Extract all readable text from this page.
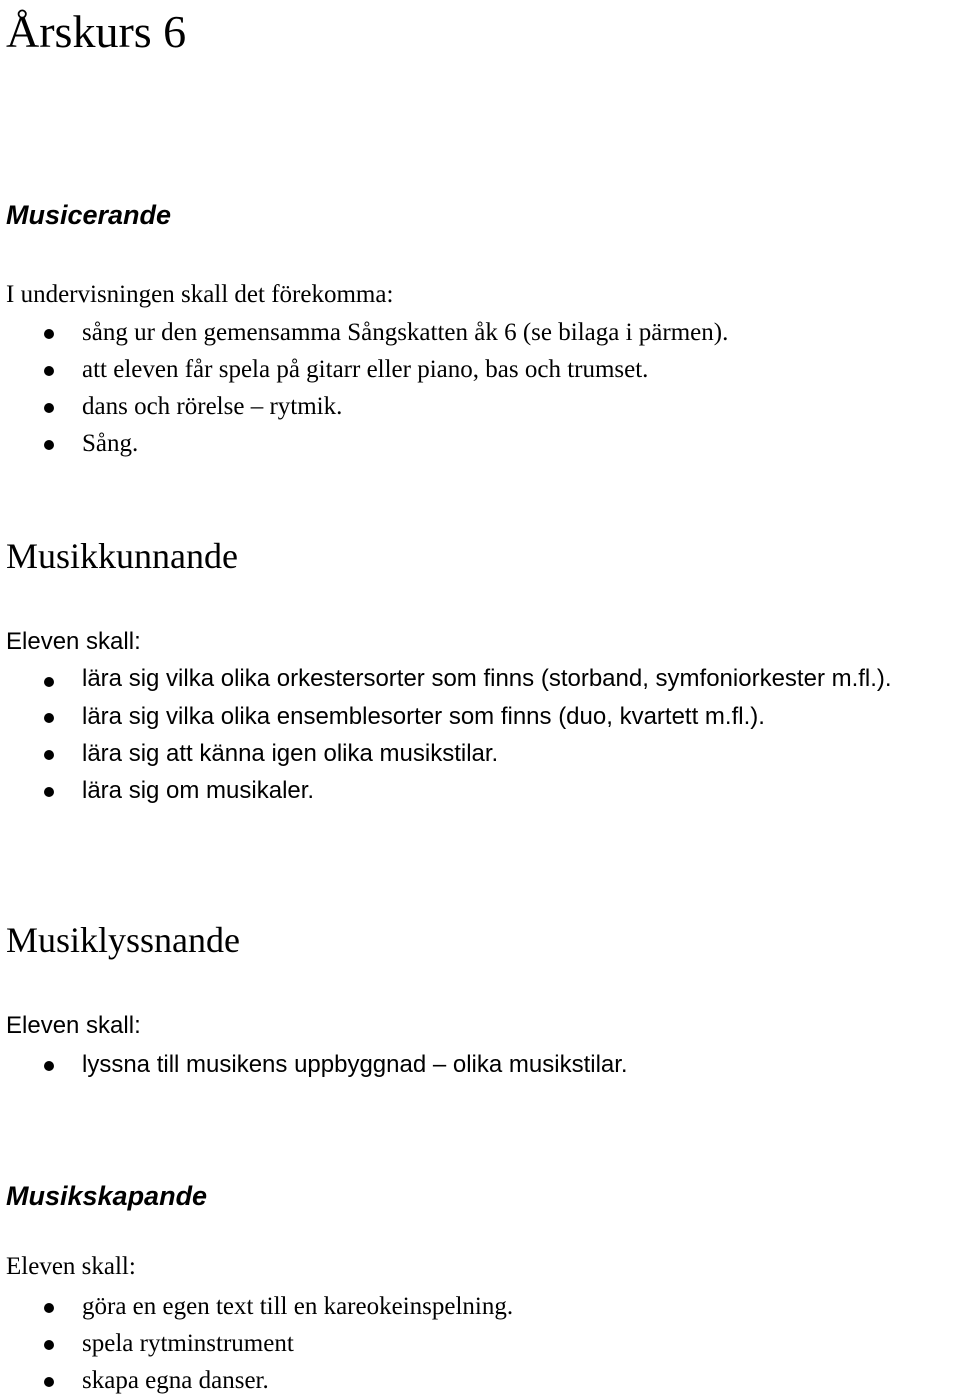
Årskurs 6
Musicerande

I undervisningen skall det förekomma:

sång ur den gemensamma Sångskatten åk 6 (se bilaga i pärmen).
att eleven får spela på gitarr eller piano, bas och trumset.
dans och rörelse – rytmik.
Sång.
Musikkunnande

Eleven skall:

lära sig vilka olika orkestersorter som finns (storband, symfoniorkester m.fl.).
lära sig vilka olika ensemblesorter som finns (duo, kvartett m.fl.).
lära sig att känna igen olika musikstilar.
lära sig om musikaler.
Musiklyssnande

Eleven skall:

lyssna till musikens uppbyggnad – olika musikstilar.
Musikskapande

Eleven skall:

göra en egen text till en kareokeinspelning.
spela rytminstrument
skapa egna danser.
